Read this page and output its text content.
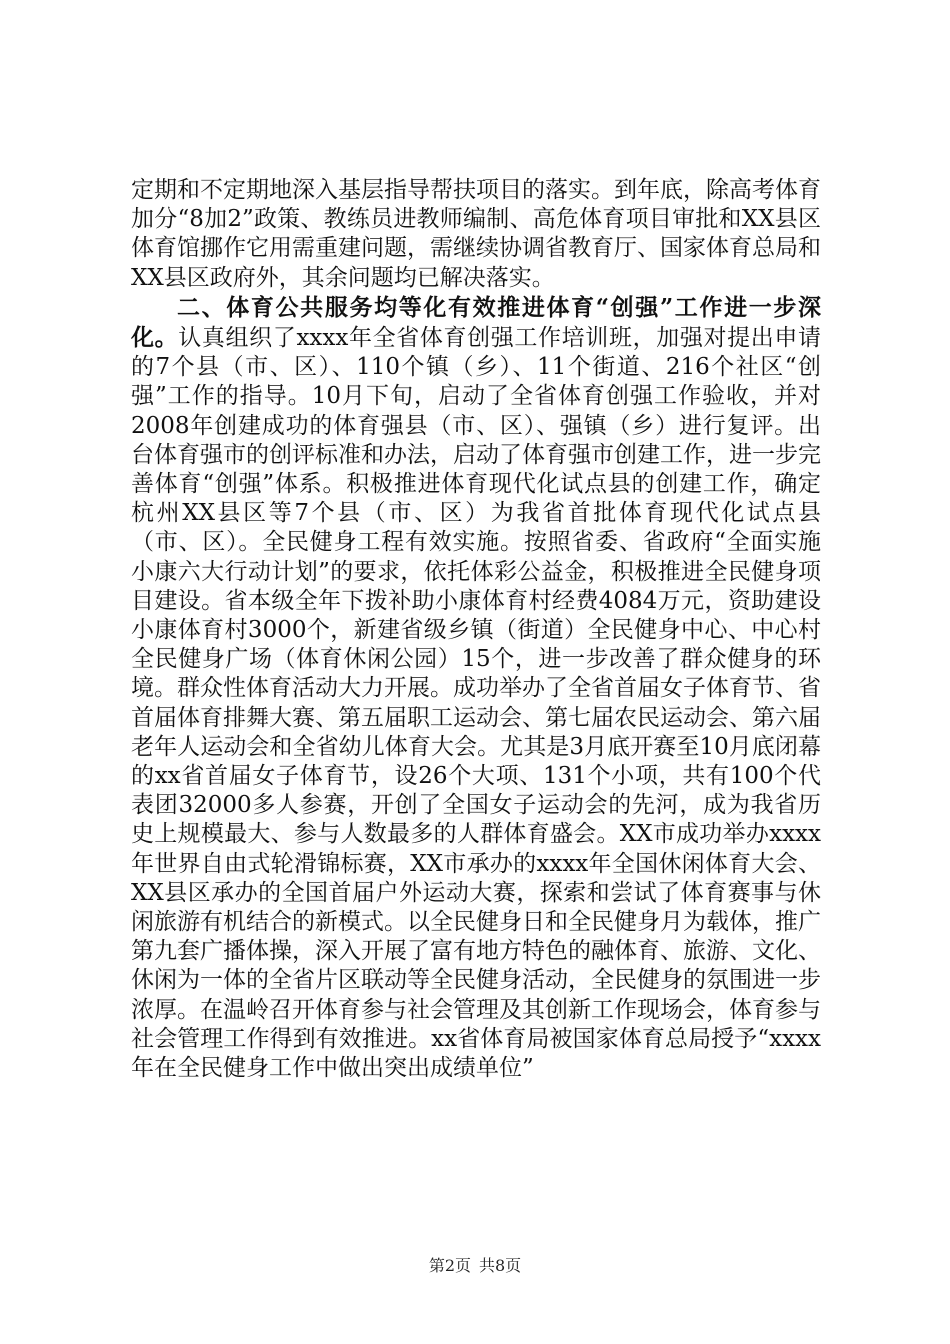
定期和不定期地深入基层指导帮扶项目的落实。到年底，除高考体育加分“8加2”政策、教练员进教师编制、高危体育项目审批和XX县区体育馆挪作它用需重建问题，需继续协调省教育厅、国家体育总局和XX县区政府外，其余问题均已解决落实。

二、体育公共服务均等化有效推进体育“创强”工作进一步深化。认真组织了xxxx年全省体育创强工作培训班，加强对提出申请的7个县（市、区）、110个镇（乡）、11个街道、216个社区“创强”工作的指导。10月下旬，启动了全省体育创强工作验收，并对2008年创建成功的体育强县（市、区）、强镇（乡）进行复评。出台体育强市的创评标准和办法，启动了体育强市创建工作，进一步完善体育“创强”体系。积极推进体育现代化试点县的创建工作，确定杭州XX县区等7个县（市、区）为我省首批体育现代化试点县（市、区）。全民健身工程有效实施。按照省委、省政府“全面实施小康六大行动计划”的要求，依托体彩公益金，积极推进全民健身项目建设。省本级全年下拨补助小康体育村经费4084万元，资助建设小康体育村3000个，新建省级乡镇（街道）全民健身中心、中心村全民健身广场（体育休闲公园）15个，进一步改善了群众健身的环境。群众性体育活动大力开展。成功举办了全省首届女子体育节、省首届体育排舞大赛、第五届职工运动会、第七届农民运动会、第六届老年人运动会和全省幼儿体育大会。尤其是3月底开赛至10月底闭幕的xx省首届女子体育节，设26个大项、131个小项，共有100个代表团32000多人参赛，开创了全国女子运动会的先河，成为我省历史上规模最大、参与人数最多的人群体育盛会。XX市成功举办xxxx年世界自由式轮滑锦标赛，XX市承办的xxxx年全国休闲体育大会、XX县区承办的全国首届户外运动大赛，探索和尝试了体育赛事与休闲旅游有机结合的新模式。以全民健身日和全民健身月为载体，推广第九套广播体操，深入开展了富有地方特色的融体育、旅游、文化、休闲为一体的全省片区联动等全民健身活动，全民健身的氛围进一步浓厚。在温岭召开体育参与社会管理及其创新工作现场会，体育参与社会管理工作得到有效推进。xx省体育局被国家体育总局授予“xxxx年在全民健身工作中做出突出成绩单位”

第2页 共8页
